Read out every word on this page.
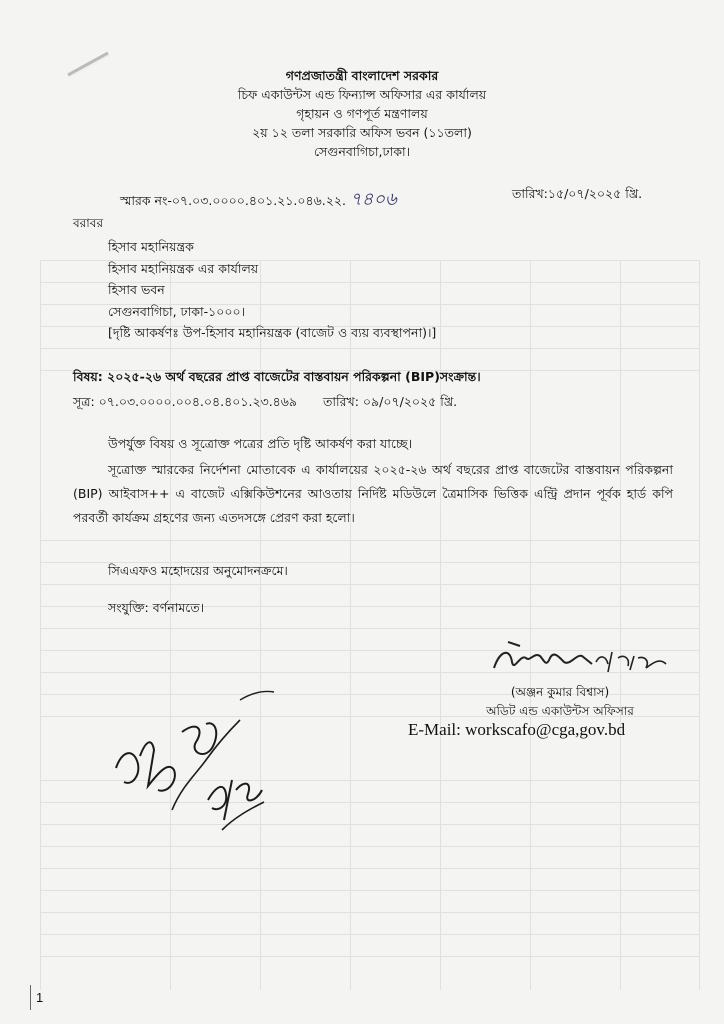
গণপ্রজাতন্ত্রী বাংলাদেশ সরকার
চিফ একাউন্টস এন্ড ফিন্যান্স অফিসার এর কার্যালয়
গৃহায়ন ও গণপূর্ত মন্ত্রণালয়
২য় ১২ তলা সরকারি অফিস ভবন (১১তলা)
সেগুনবাগিচা,ঢাকা।
স্মারক নং-০৭.০৩.০০০০.৪০১.২১.০৪৬.২২. ৭৪০৬	তারিখ:১৫/০৭/২০২৫ খ্রি.
বরাবর
হিসাব মহানিয়ন্ত্রক
হিসাব মহানিয়ন্ত্রক এর কার্যালয়
হিসাব ভবন
সেগুনবাগিচা, ঢাকা-১০০০।
[দৃষ্টি আকর্ষণঃ উপ-হিসাব মহানিয়ন্ত্রক (বাজেট ও ব্যয় ব্যবস্থাপনা)।]
বিষয়: ২০২৫-২৬ অর্থ বছরের প্রাপ্ত বাজেটের বাস্তবায়ন পরিকল্পনা (BIP)সংক্রান্ত।
সূত্র: ০৭.০৩.০০০০.০০৪.০৪.৪০১.২৩.৪৬৯ তারিখ: ০৯/০৭/২০২৫ খ্রি.
উপর্যুক্ত বিষয় ও সূত্রোক্ত পত্রের প্রতি দৃষ্টি আকর্ষণ করা যাচ্ছে।
সূত্রোক্ত স্মারকের নির্দেশনা মোতাবেক এ কার্যালয়ের ২০২৫-২৬ অর্থ বছরের প্রাপ্ত বাজেটের বাস্তবায়ন পরিকল্পনা (BIP) আইবাস++ এ বাজেট এক্সিকিউশনের আওতায় নির্দিষ্ট মডিউলে ত্রৈমাসিক ভিত্তিক এন্ট্রি প্রদান পূর্বক হার্ড কপি পরবর্তী কার্যক্রম গ্রহণের জন্য এতদসঙ্গে প্রেরণ করা হলো।
সিএএফও মহোদয়ের অনুমোদনক্রমে।
সংযুক্তি: বর্ণনামতে।
(অঞ্জন কুমার বিশ্বাস)
অডিট এন্ড একাউন্টস অফিসার
E-Mail: workscafo@cga,gov.bd
1
